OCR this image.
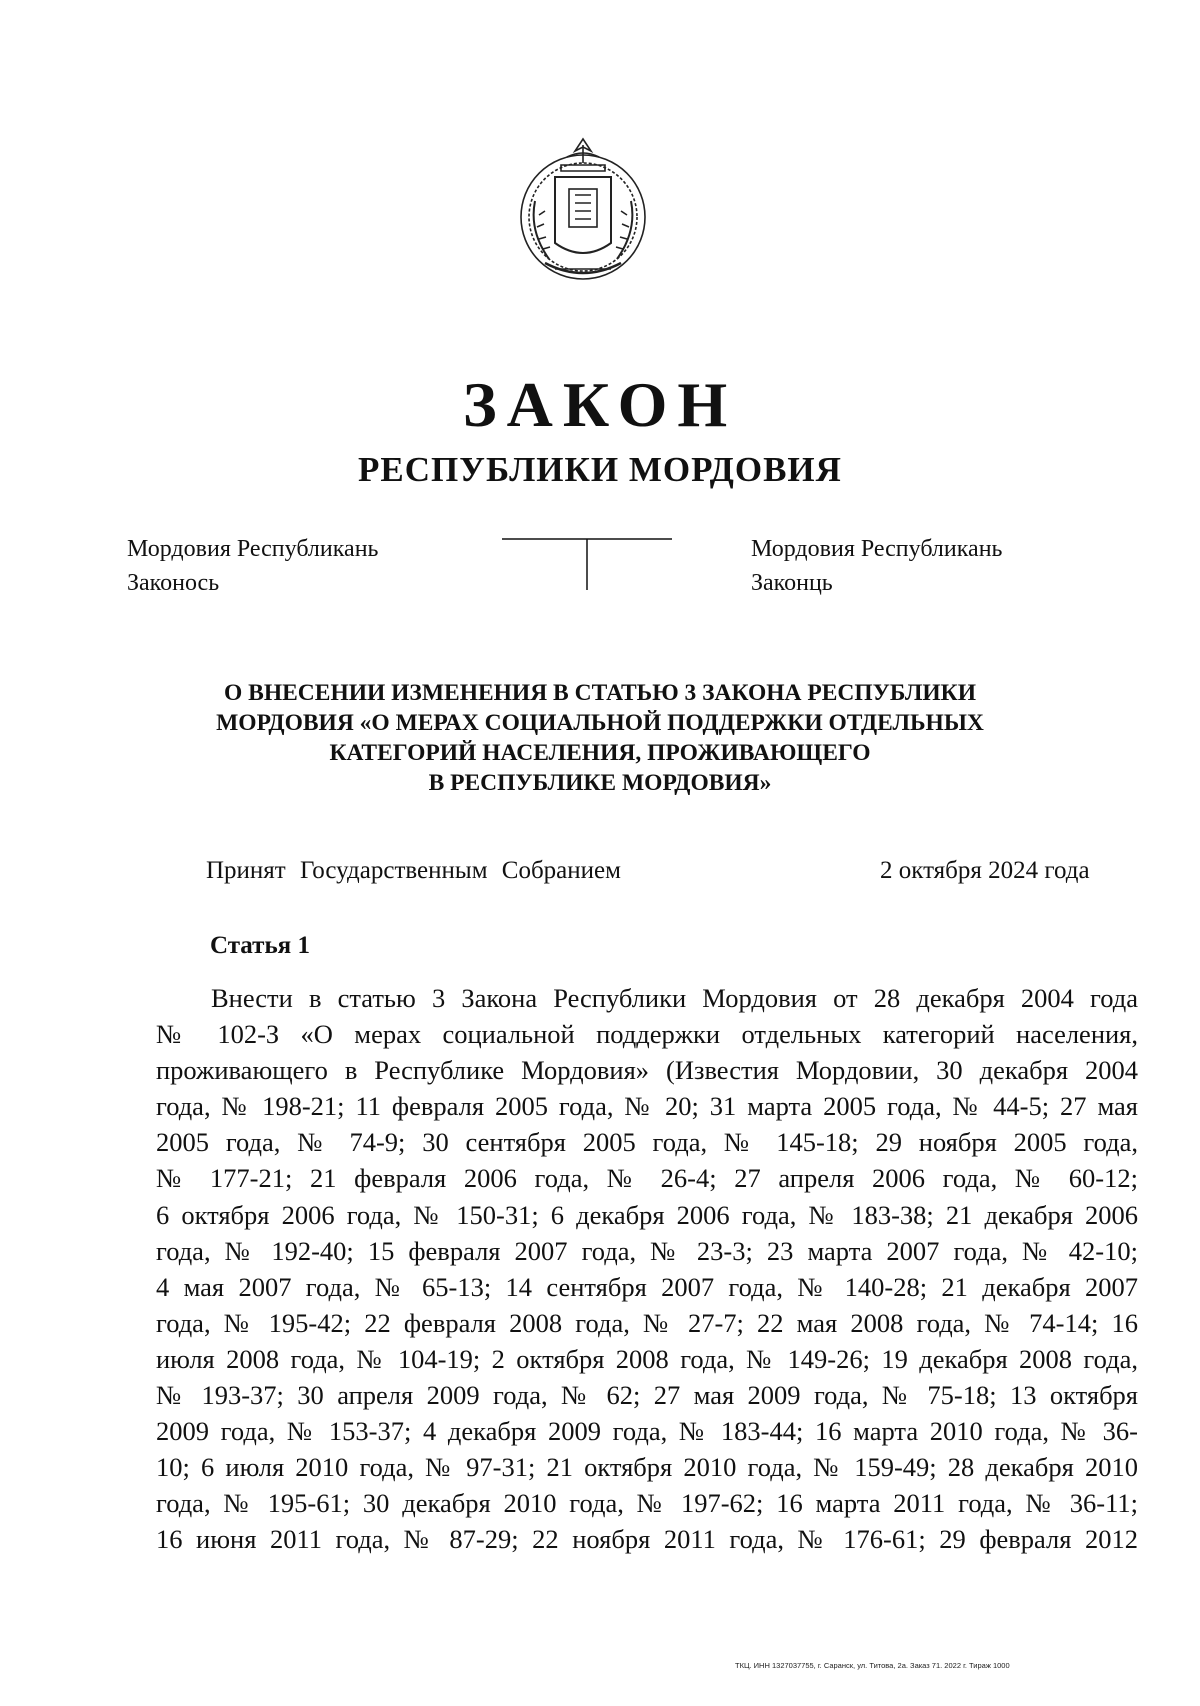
ЗАКОН
РЕСПУБЛИКИ МОРДОВИЯ
Мордовия Республикань
Законось
Мордовия Республикань
Законць
О ВНЕСЕНИИ ИЗМЕНЕНИЯ В СТАТЬЮ 3 ЗАКОНА РЕСПУБЛИКИ
МОРДОВИЯ «О МЕРАХ СОЦИАЛЬНОЙ ПОДДЕРЖКИ ОТДЕЛЬНЫХ
КАТЕГОРИЙ НАСЕЛЕНИЯ, ПРОЖИВАЮЩЕГО
В РЕСПУБЛИКЕ МОРДОВИЯ»
Принят Государственным Собранием	2 октября 2024 года
Статья 1
Внести в статью 3 Закона Республики Мордовия от 28 декабря 2004 года
№ 102-З «О мерах социальной поддержки отдельных категорий населения,
проживающего в Республике Мордовия» (Известия Мордовии, 30 декабря 2004
года, № 198-21; 11 февраля 2005 года, № 20; 31 марта 2005 года, № 44-5; 27 мая
2005 года, № 74-9; 30 сентября 2005 года, № 145-18; 29 ноября 2005 года,
№ 177-21; 21 февраля 2006 года, № 26-4; 27 апреля 2006 года, № 60-12;
6 октября 2006 года, № 150-31; 6 декабря 2006 года, № 183-38; 21 декабря 2006
года, № 192-40; 15 февраля 2007 года, № 23-3; 23 марта 2007 года, № 42-10;
4 мая 2007 года, № 65-13; 14 сентября 2007 года, № 140-28; 21 декабря 2007
года, № 195-42; 22 февраля 2008 года, № 27-7; 22 мая 2008 года, № 74-14; 16
июля 2008 года, № 104-19; 2 октября 2008 года, № 149-26; 19 декабря 2008 года,
№ 193-37; 30 апреля 2009 года, № 62; 27 мая 2009 года, № 75-18; 13 октября
2009 года, № 153-37; 4 декабря 2009 года, № 183-44; 16 марта 2010 года, № 36-
10; 6 июля 2010 года, № 97-31; 21 октября 2010 года, № 159-49; 28 декабря 2010
года, № 195-61; 30 декабря 2010 года, № 197-62; 16 марта 2011 года, № 36-11;
16 июня 2011 года, № 87-29; 22 ноября 2011 года, № 176-61; 29 февраля 2012
ТКЦ. ИНН 1327037755, г. Саранск, ул. Титова, 2а. Заказ 71. 2022 г. Тираж 1000
